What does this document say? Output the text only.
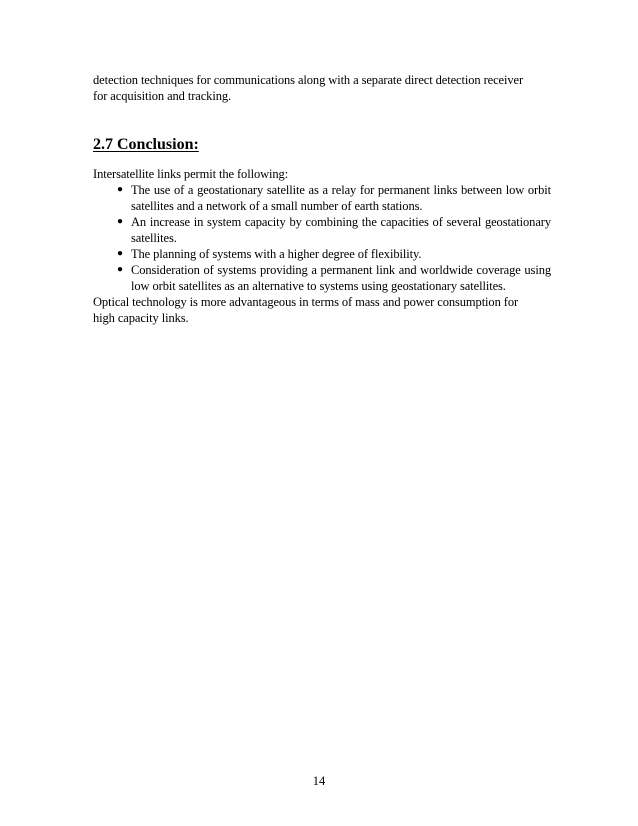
detection techniques for communications along with a separate direct detection receiver

for acquisition and tracking.

2.7 Conclusion:

Intersatellite links permit the following:

● The use of a geostationary satellite as a relay for permanent links between low orbit satellites and a network of a small number of earth stations.
● An increase in system capacity by combining the capacities of several geostationary satellites.
● The planning of systems with a higher degree of flexibility.
● Consideration of systems providing a permanent link and worldwide coverage using low orbit satellites as an alternative to systems using geostationary satellites.

Optical technology is more advantageous in terms of mass and power consumption for

high capacity links.

14
